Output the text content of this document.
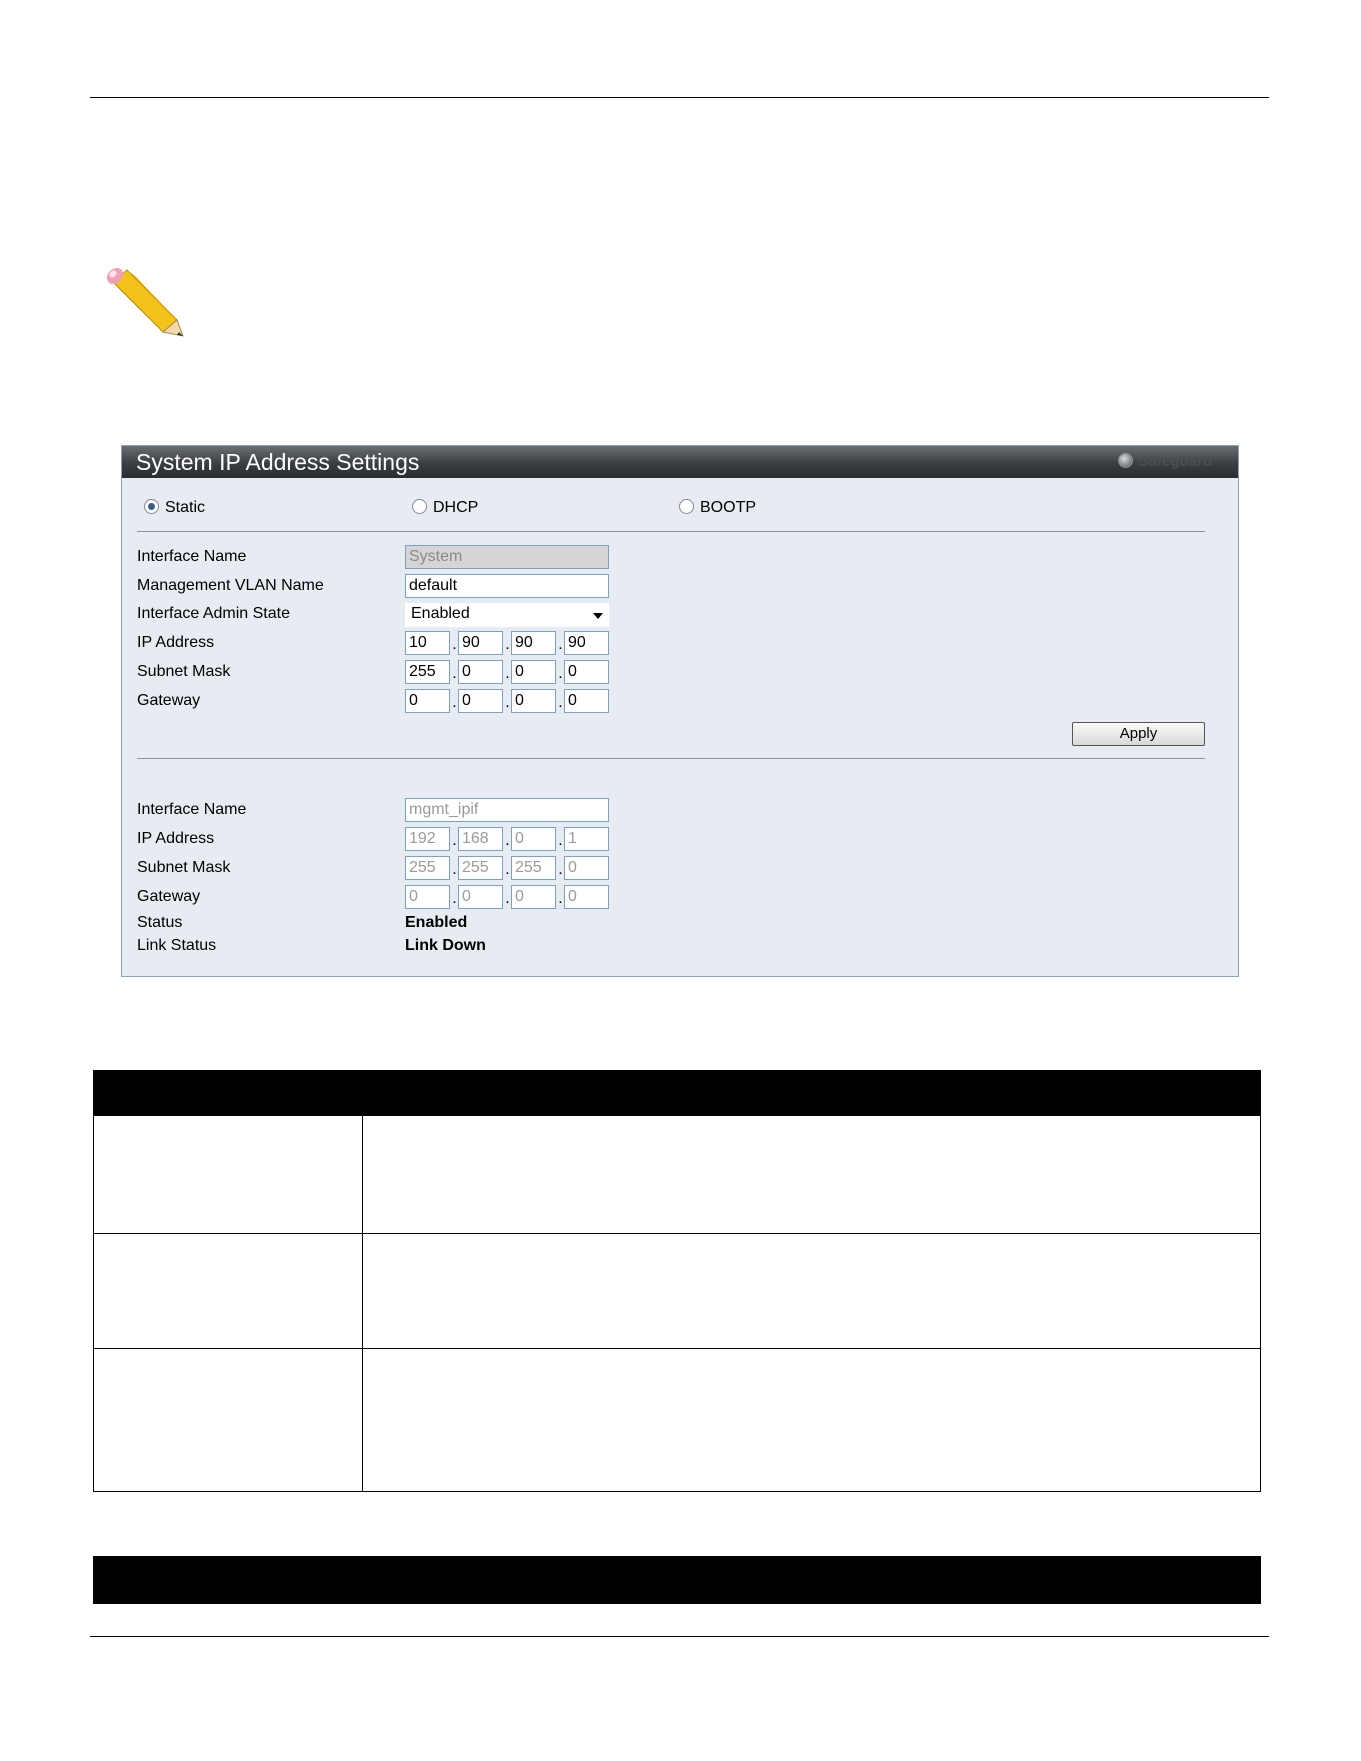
System IP Address Settings	Safeguard
Static	DHCP	BOOTP
Interface Name	System
Management VLAN Name	default
Interface Admin State	Enabled
IP Address	10	. 90	. 90	. 90
Subnet Mask	255	. 0	. 0	. 0
Gateway	0	. 0	. 0	. 0
Apply
Interface Name	mgmt_ipif
IP Address	192	. 168	. 0	. 1
Subnet Mask	255	. 255	. 255	. 0
Gateway	0	. 0	. 0	. 0
Status	Enabled
Link Status	Link Down
